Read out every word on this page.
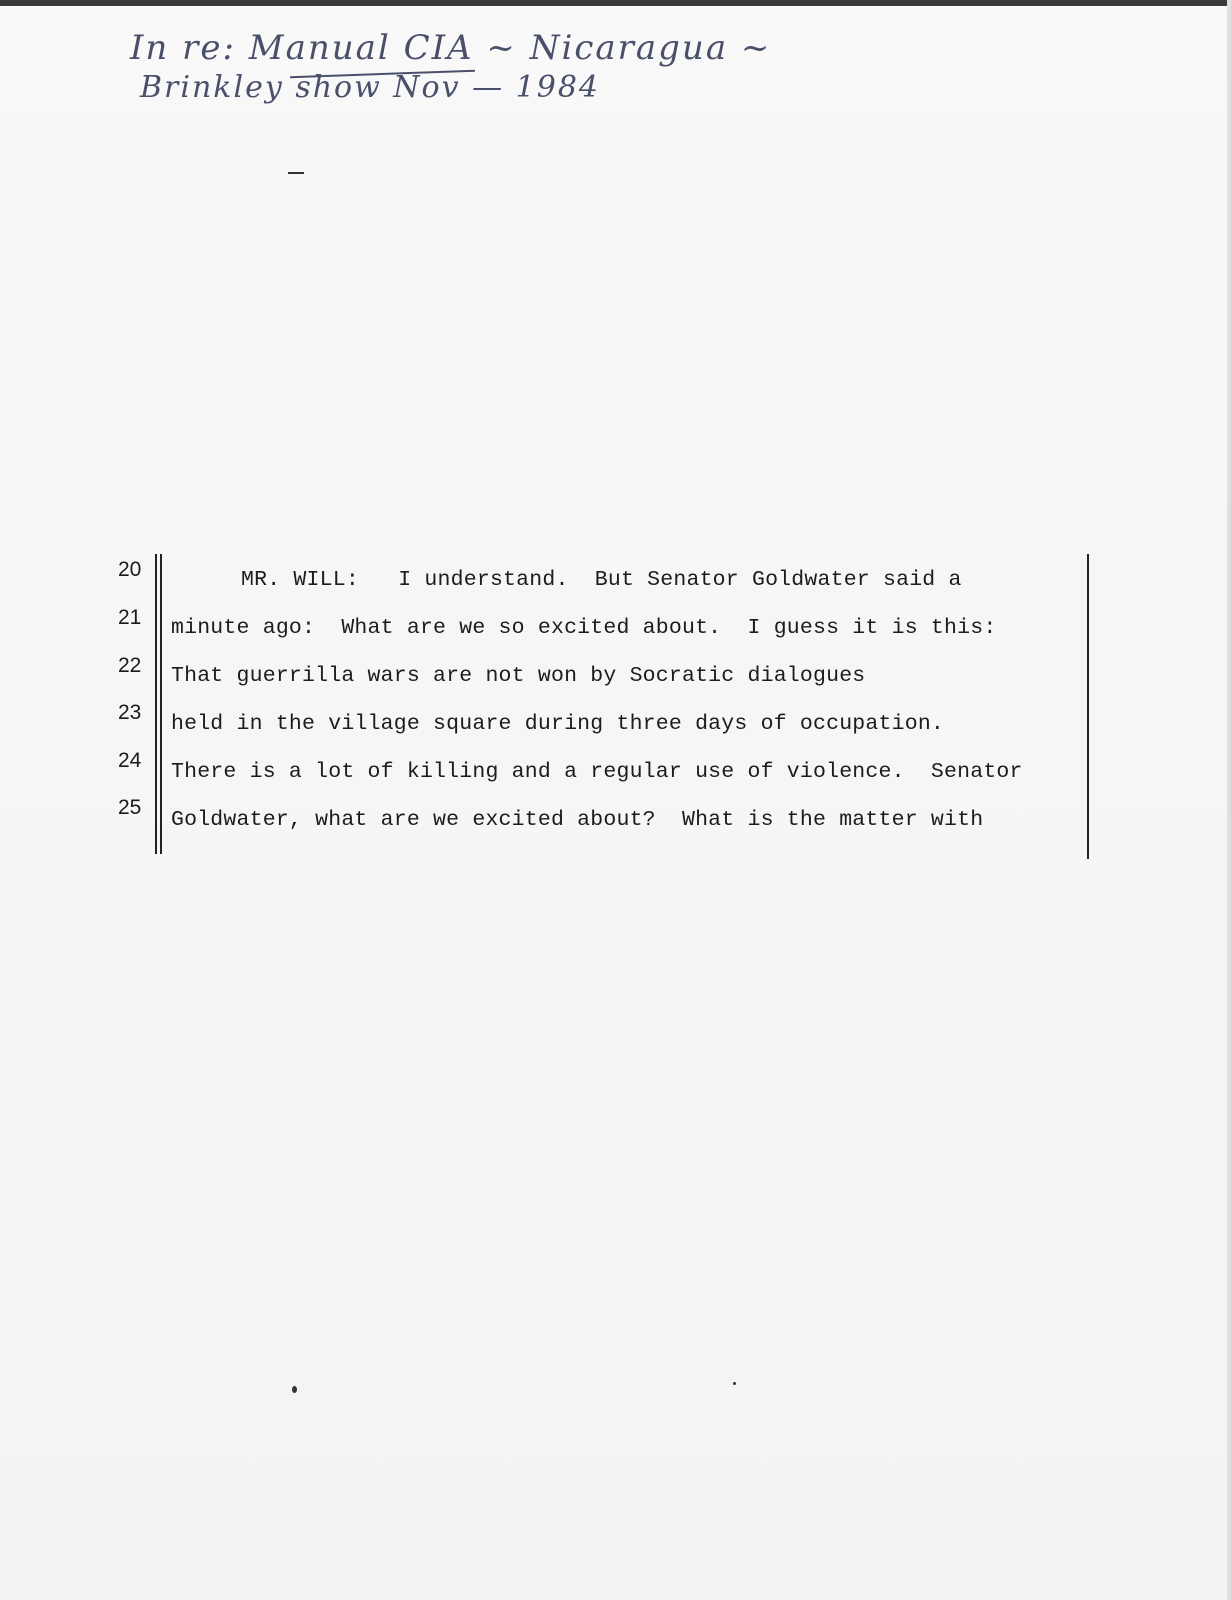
In re: Manual CIA ~ Nicaragua ~
Brinkley show Nov — 1984
20	MR. WILL:   I understand.  But Senator Goldwater said a
21	minute ago:  What are we so excited about.  I guess it is this:
22	That guerrilla wars are not won by Socratic dialogues
23	held in the village square during three days of occupation.
24	There is a lot of killing and a regular use of violence.  Senator
25
Goldwater, what are we excited about?  What is the matter with
